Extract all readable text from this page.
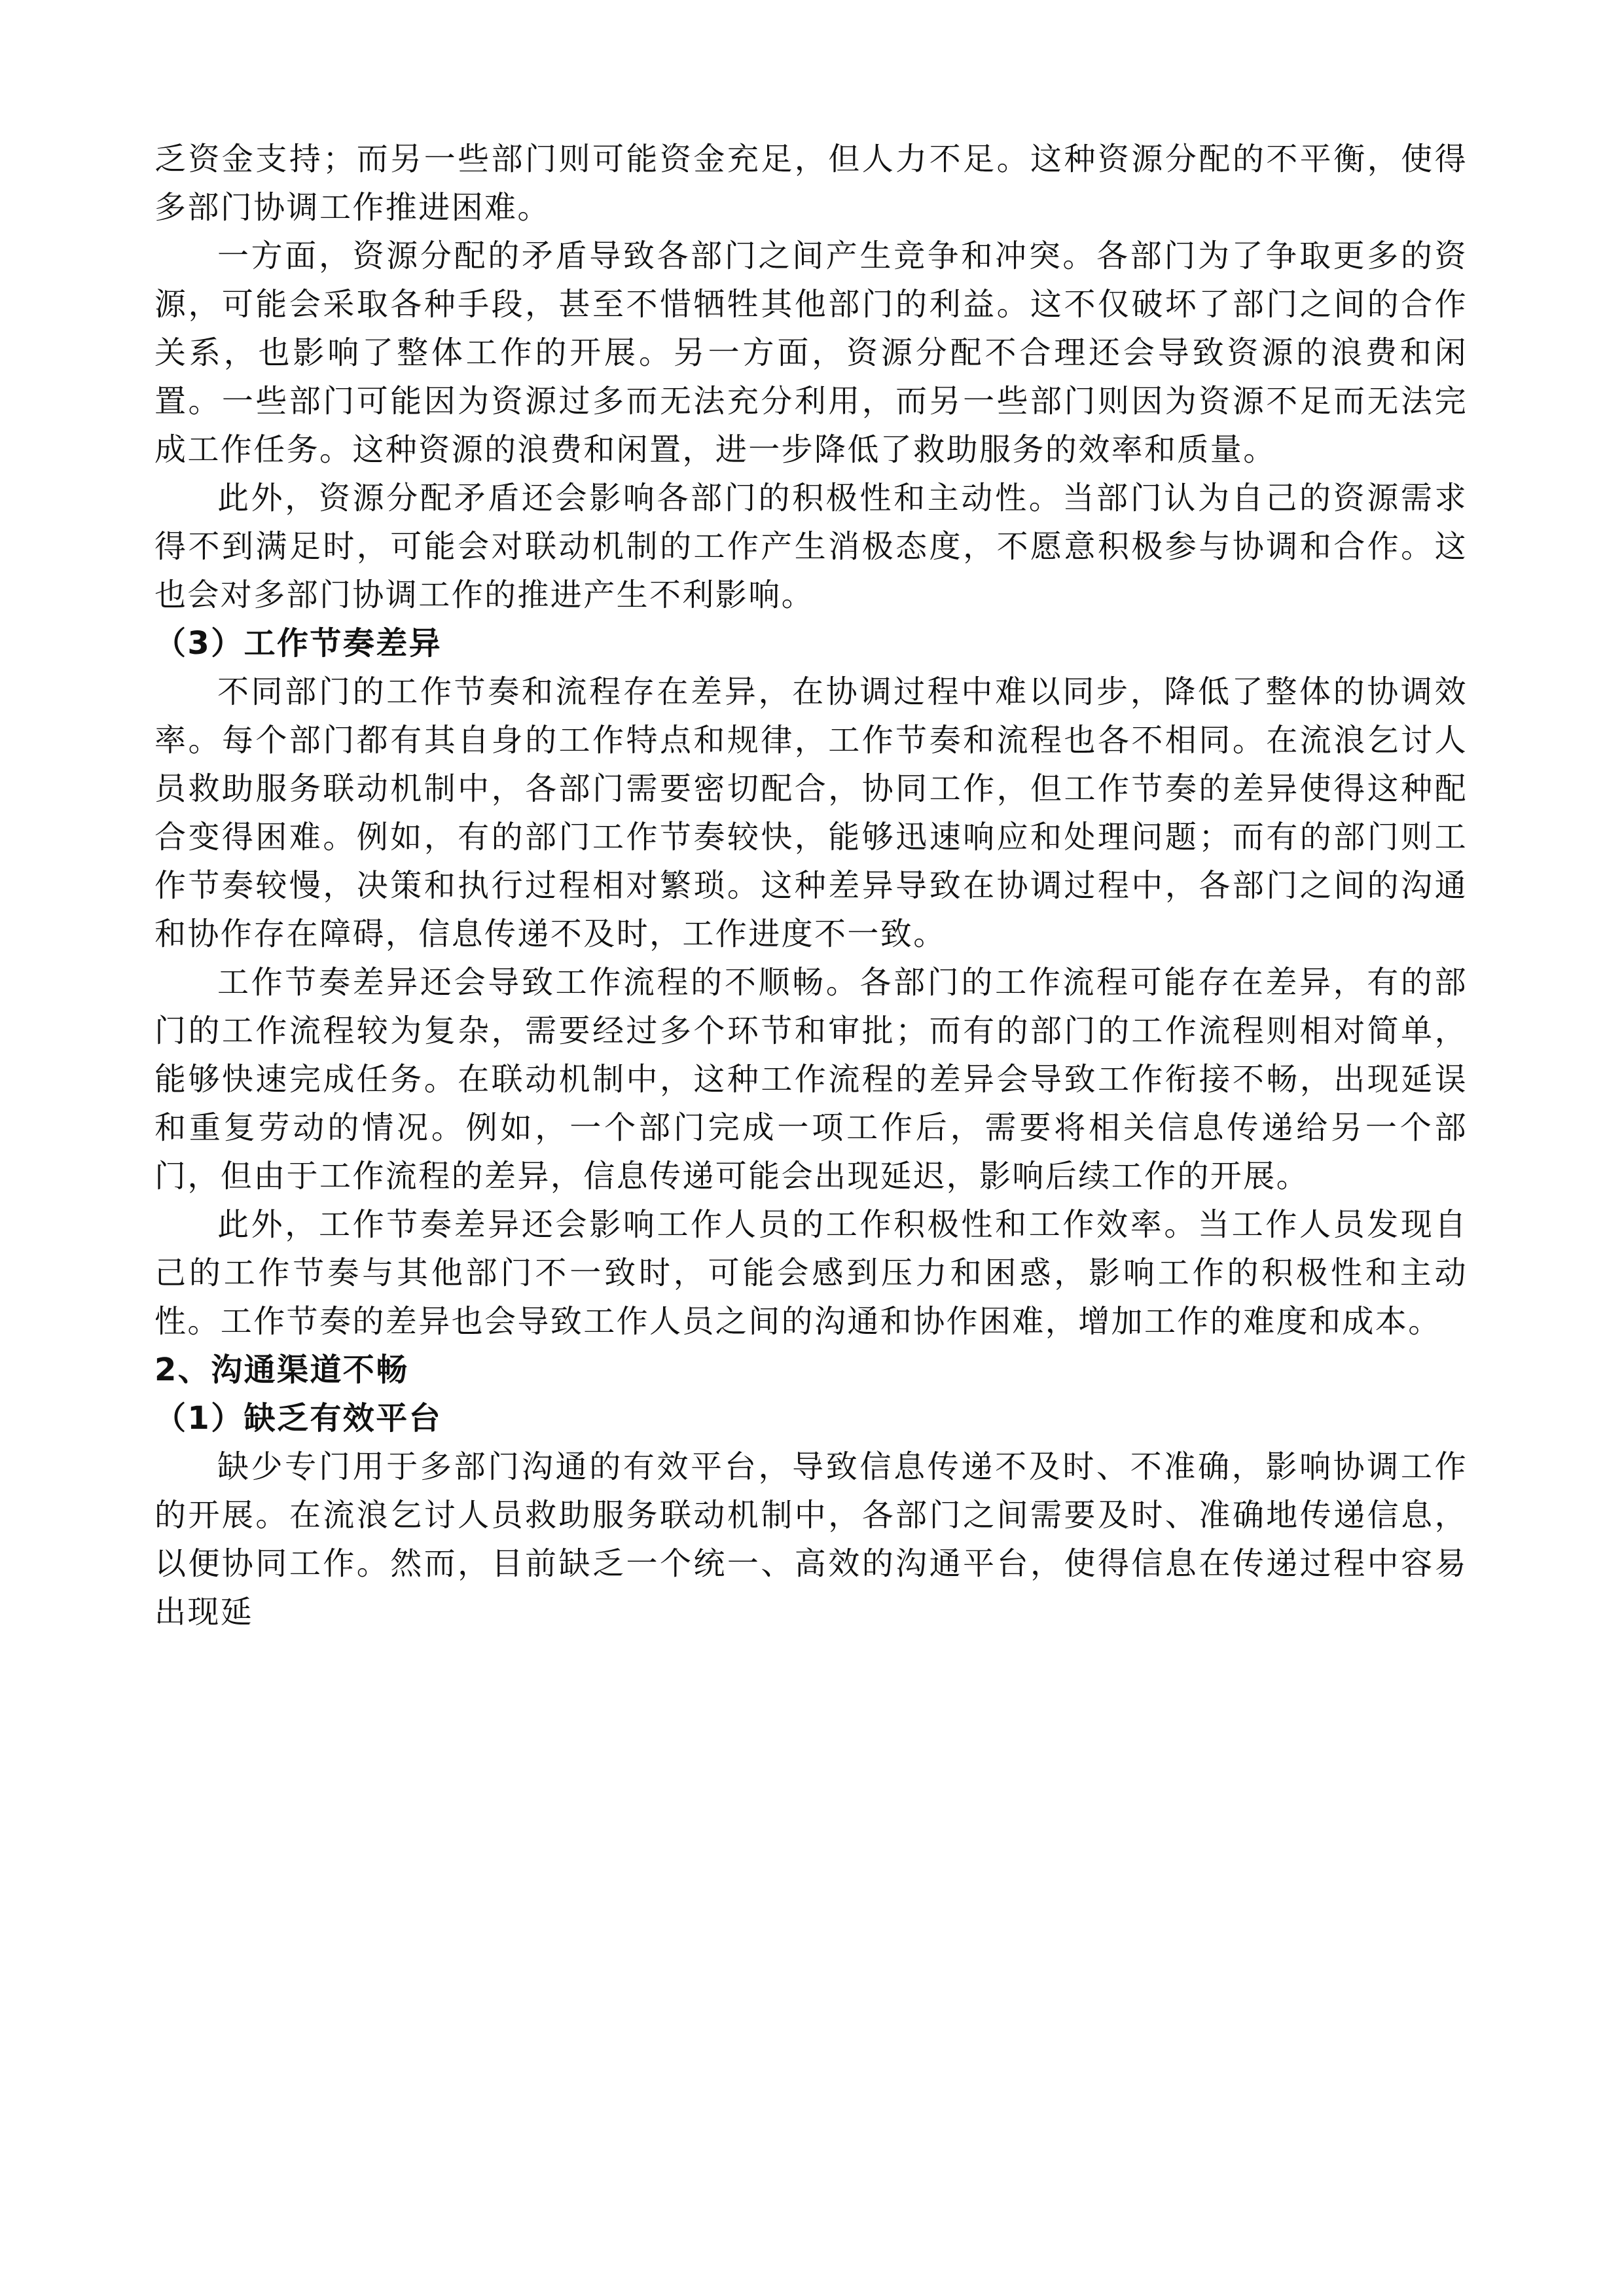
乏资金支持；而另一些部门则可能资金充足，但人力不足。这种资源分配的不平衡，使得多部门协调工作推进困难。

一方面，资源分配的矛盾导致各部门之间产生竞争和冲突。各部门为了争取更多的资源，可能会采取各种手段，甚至不惜牺牲其他部门的利益。这不仅破坏了部门之间的合作关系，也影响了整体工作的开展。另一方面，资源分配不合理还会导致资源的浪费和闲置。一些部门可能因为资源过多而无法充分利用，而另一些部门则因为资源不足而无法完成工作任务。这种资源的浪费和闲置，进一步降低了救助服务的效率和质量。

此外，资源分配矛盾还会影响各部门的积极性和主动性。当部门认为自己的资源需求得不到满足时，可能会对联动机制的工作产生消极态度，不愿意积极参与协调和合作。这也会对多部门协调工作的推进产生不利影响。

（3）工作节奏差异

不同部门的工作节奏和流程存在差异，在协调过程中难以同步，降低了整体的协调效率。每个部门都有其自身的工作特点和规律，工作节奏和流程也各不相同。在流浪乞讨人员救助服务联动机制中，各部门需要密切配合，协同工作，但工作节奏的差异使得这种配合变得困难。例如，有的部门工作节奏较快，能够迅速响应和处理问题；而有的部门则工作节奏较慢，决策和执行过程相对繁琐。这种差异导致在协调过程中，各部门之间的沟通和协作存在障碍，信息传递不及时，工作进度不一致。

工作节奏差异还会导致工作流程的不顺畅。各部门的工作流程可能存在差异，有的部门的工作流程较为复杂，需要经过多个环节和审批；而有的部门的工作流程则相对简单，能够快速完成任务。在联动机制中，这种工作流程的差异会导致工作衔接不畅，出现延误和重复劳动的情况。例如，一个部门完成一项工作后，需要将相关信息传递给另一个部门，但由于工作流程的差异，信息传递可能会出现延迟，影响后续工作的开展。

此外，工作节奏差异还会影响工作人员的工作积极性和工作效率。当工作人员发现自己的工作节奏与其他部门不一致时，可能会感到压力和困惑，影响工作的积极性和主动性。工作节奏的差异也会导致工作人员之间的沟通和协作困难，增加工作的难度和成本。

2、沟通渠道不畅
（1）缺乏有效平台

缺少专门用于多部门沟通的有效平台，导致信息传递不及时、不准确，影响协调工作的开展。在流浪乞讨人员救助服务联动机制中，各部门之间需要及时、准确地传递信息，以便协同工作。然而，目前缺乏一个统一、高效的沟通平台，使得信息在传递过程中容易出现延
